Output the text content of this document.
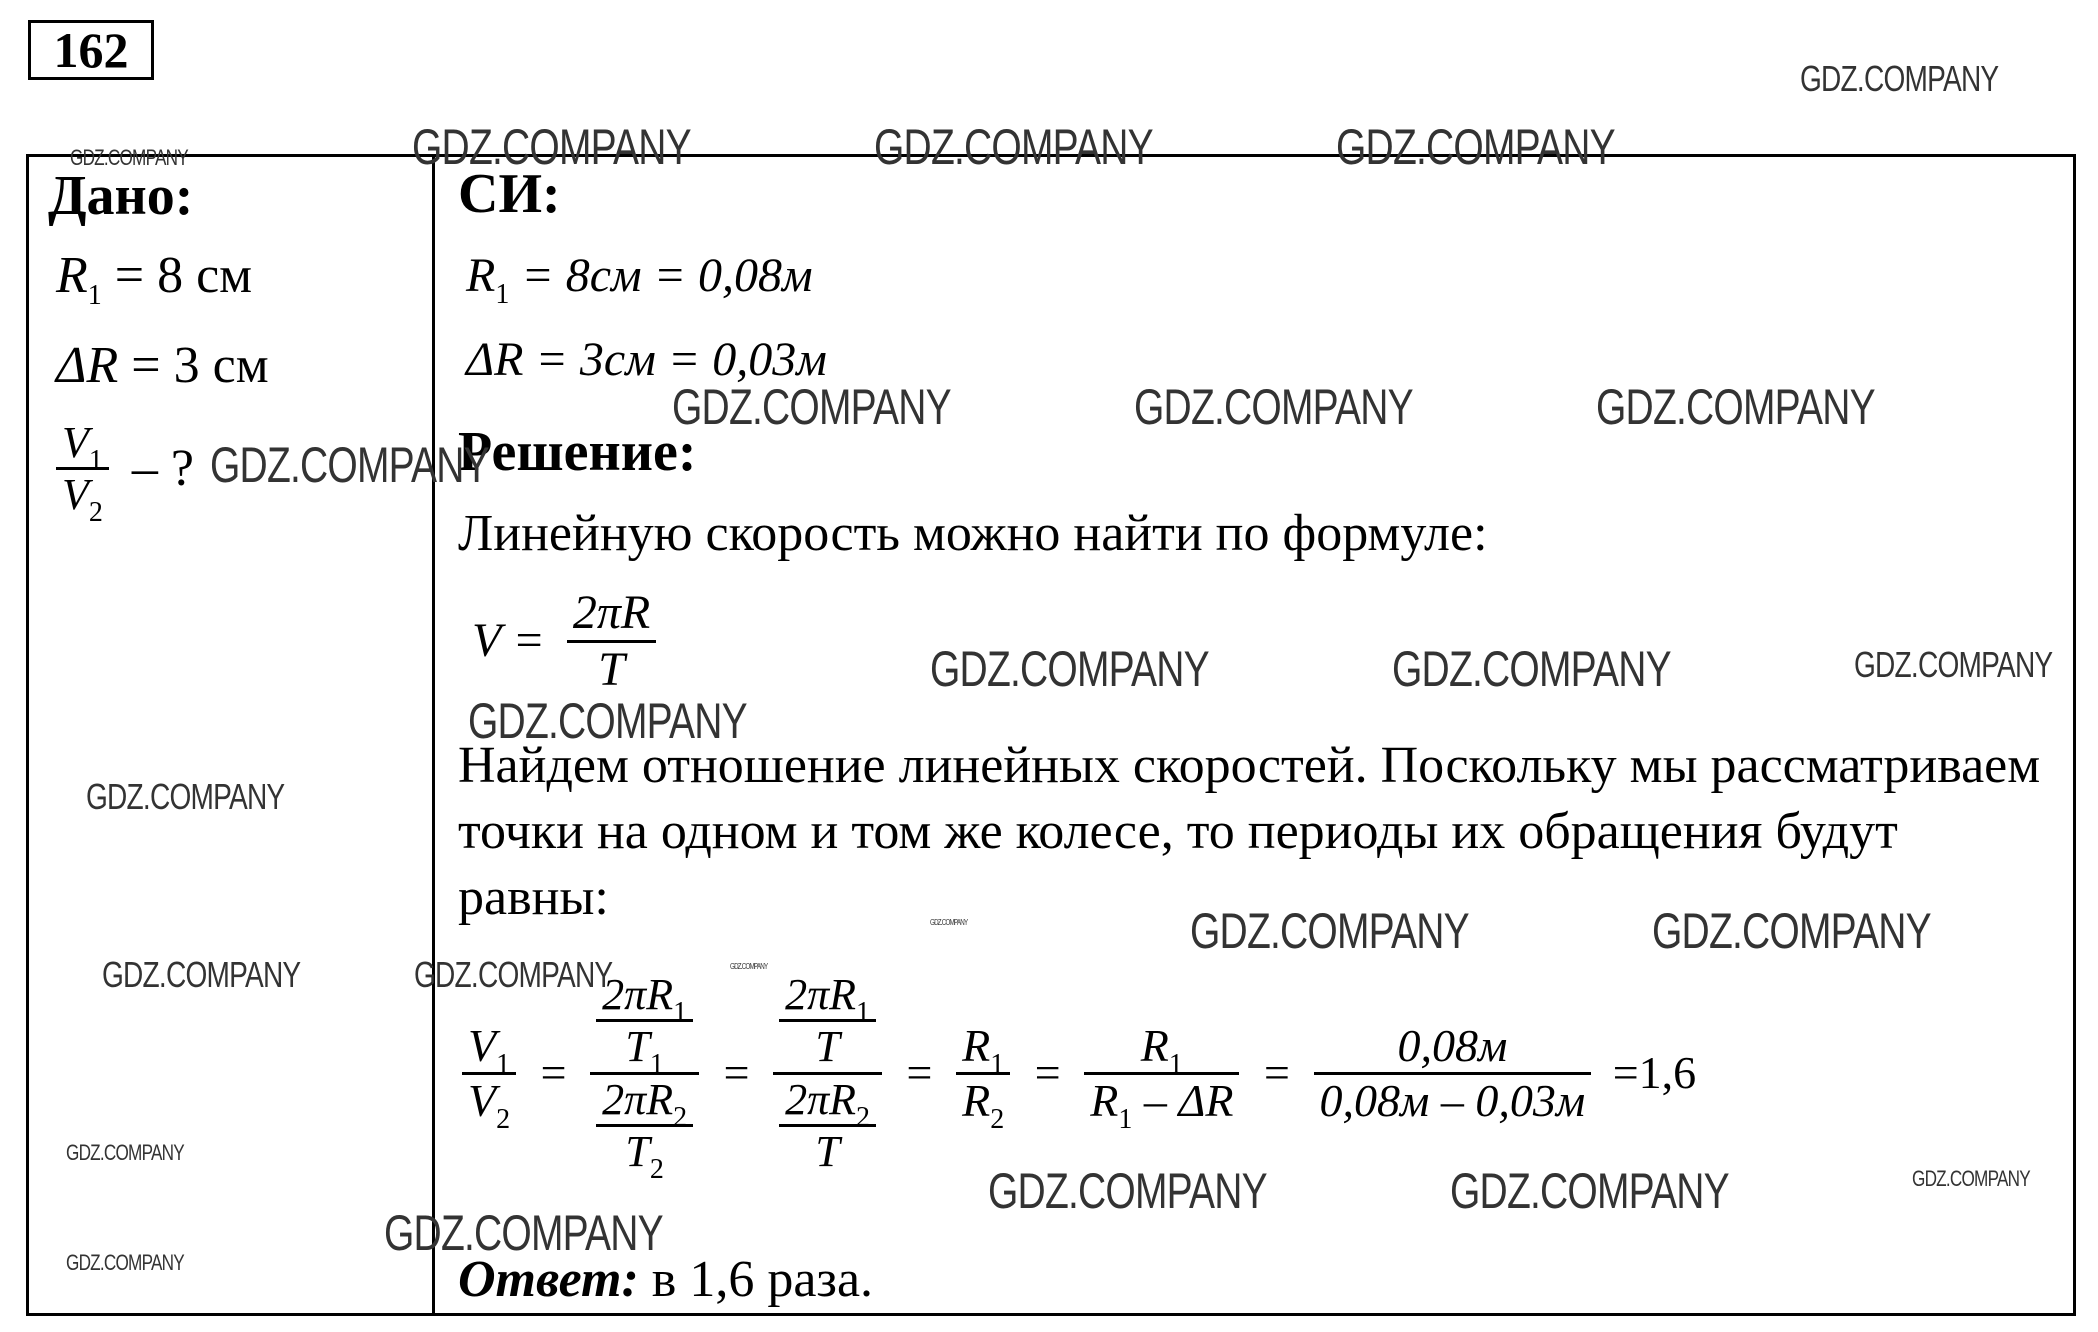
162
Дано:
$R_1 = 8$ см
ΔR = 3 см
$\frac{V_1}{V_2}$ – ?
СИ:
$R_1 = 8см = 0,08м$
ΔR = 3см = 0,03м
Решение:
Линейную скорость можно найти по формуле:
$V = \frac{2\pi R}{T}$
Найдем отношение линейных скоростей. Поскольку мы рассматриваем точки на одном и том же колесе, то периоды их обращения будут равны:
$\frac{V_1}{V_2} = \frac{\frac{2\pi R_1}{T_1}}{\frac{2\pi R_2}{T_2}} = \frac{\frac{2\pi R_1}{T}}{\frac{2\pi R_2}{T}} = \frac{R_1}{R_2} = \frac{R_1}{R_1 - \Delta R}$ =
0,08м
0,08м – 0,03м
=1,6
Ответ: в 1,6 раза.
GDZ.COMPANY
GDZ.COMPANY	GDZ.COMPANY	GDZ.COMPANY	GDZ.COMPANY
GDZ.COMPANY	GDZ.COMPANY	GDZ.COMPANY
GDZ.COMPANY
GDZ.COMPANY	GDZ.COMPANY	GDZ.COMPANY
GDZ.COMPANY
GDZ.COMPANY
GDZ.COMPANY	GDZ.COMPANY
GDZ.COMPANY
GDZ.COMPANY	GDZ.COMPANY	GDZ.COMPANY
GDZ.COMPANY
GDZ.COMPANY	GDZ.COMPANY	GDZ.COMPANY
GDZ.COMPANY
GDZ.COMPANY
